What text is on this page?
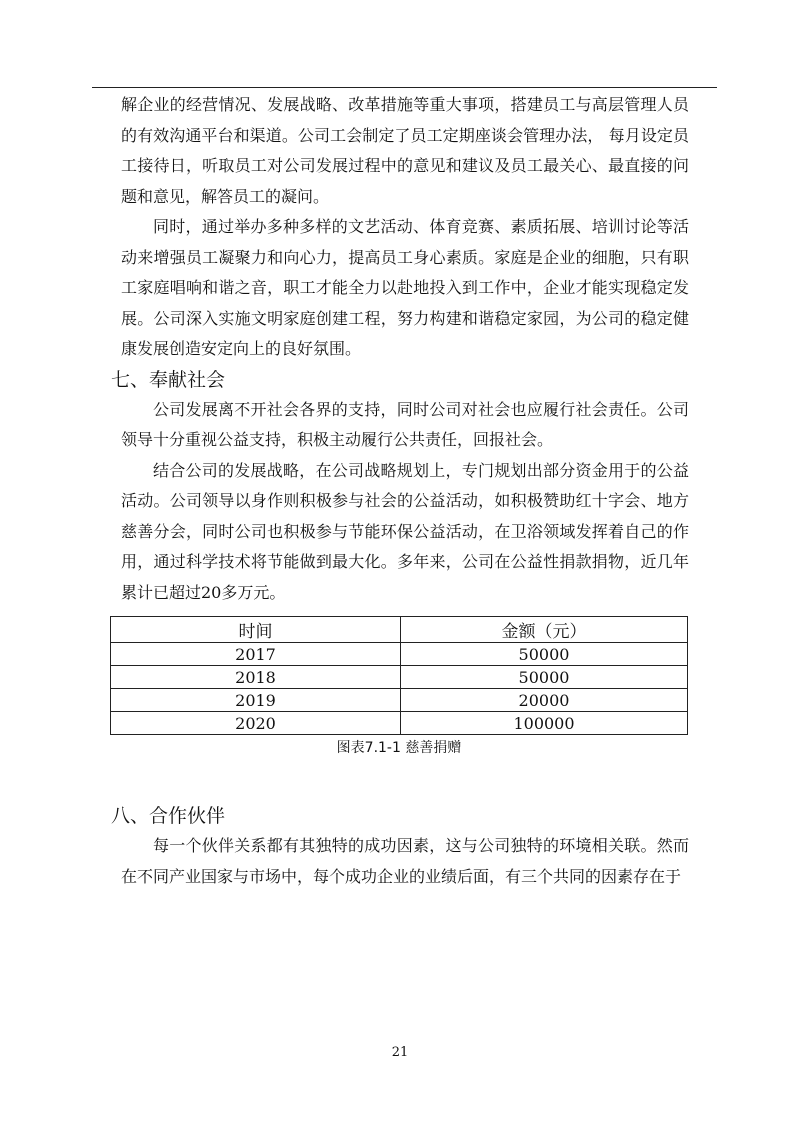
解企业的经营情况、发展战略、改革措施等重大事项，搭建员工与高层管理人员的有效沟通平台和渠道。公司工会制定了员工定期座谈会管理办法， 每月设定员工接待日，听取员工对公司发展过程中的意见和建议及员工最关心、最直接的问题和意见，解答员工的凝问。

同时，通过举办多种多样的文艺活动、体育竞赛、素质拓展、培训讨论等活动来增强员工凝聚力和向心力，提高员工身心素质。家庭是企业的细胞，只有职工家庭唱响和谐之音，职工才能全力以赴地投入到工作中，企业才能实现稳定发展。公司深入实施文明家庭创建工程，努力构建和谐稳定家园，为公司的稳定健康发展创造安定向上的良好氛围。

七、奉献社会

公司发展离不开社会各界的支持，同时公司对社会也应履行社会责任。公司领导十分重视公益支持，积极主动履行公共责任，回报社会。

结合公司的发展战略，在公司战略规划上，专门规划出部分资金用于的公益活动。公司领导以身作则积极参与社会的公益活动，如积极赞助红十字会、地方慈善分会，同时公司也积极参与节能环保公益活动，在卫浴领域发挥着自己的作用，通过科学技术将节能做到最大化。多年来，公司在公益性捐款捐物，近几年累计已超过20多万元。

时间	金额（元）
2017	50000
2018	50000
2019	20000
2020	100000
图表7.1-1 慈善捐赠
八、合作伙伴

每一个伙伴关系都有其独特的成功因素，这与公司独特的环境相关联。然而在不同产业国家与市场中，每个成功企业的业绩后面，有三个共同的因素存在于

21
